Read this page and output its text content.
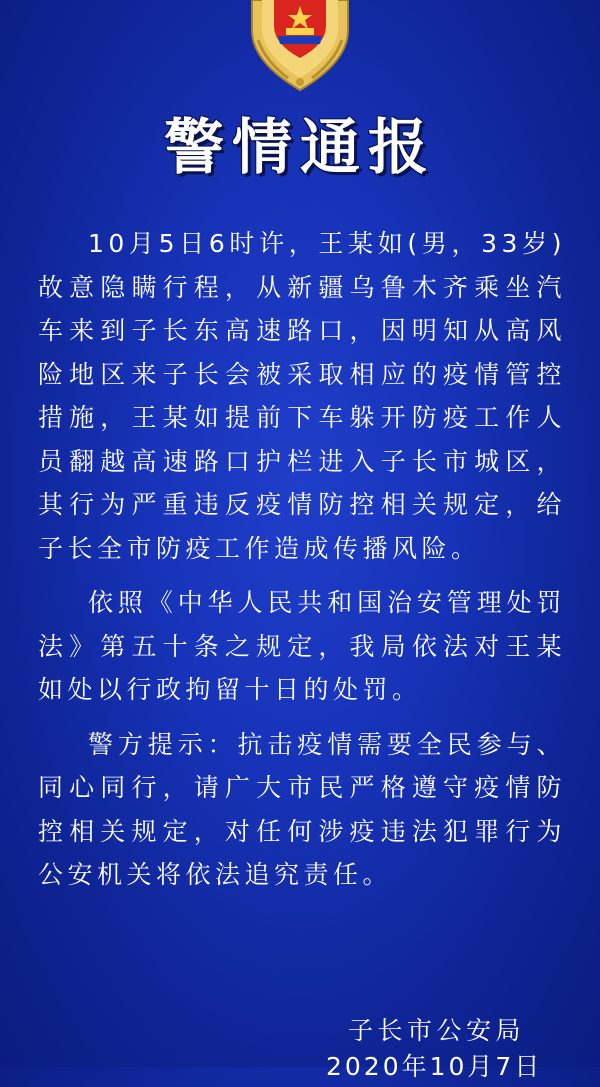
警情通报

10月5日6时许，王某如(男，33岁)故意隐瞒行程，从新疆乌鲁木齐乘坐汽车来到子长东高速路口，因明知从高风险地区来子长会被采取相应的疫情管控措施，王某如提前下车躲开防疫工作人员翻越高速路口护栏进入子长市城区，其行为严重违反疫情防控相关规定，给子长全市防疫工作造成传播风险。

依照《中华人民共和国治安管理处罚法》第五十条之规定，我局依法对王某如处以行政拘留十日的处罚。

警方提示：抗击疫情需要全民参与、同心同行，请广大市民严格遵守疫情防控相关规定，对任何涉疫违法犯罪行为公安机关将依法追究责任。

子长市公安局
2020年10月7日
